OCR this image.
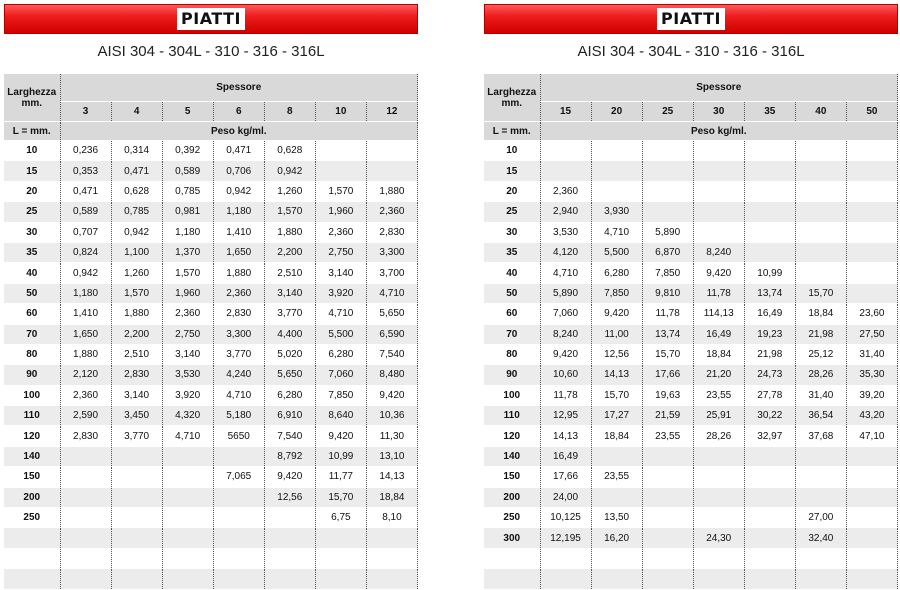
PIATTI
AISI 304 - 304L - 310 - 316 - 316L
Larghezza
mm.	Spessore						
	3	4	5	6	8	10	12
L = mm.	Peso kg/ml.						
10	0,236	0,314	0,392	0,471	0,628		
15	0,353	0,471	0,589	0,706	0,942		
20	0,471	0,628	0,785	0,942	1,260	1,570	1,880
25	0,589	0,785	0,981	1,180	1,570	1,960	2,360
30	0,707	0,942	1,180	1,410	1,880	2,360	2,830
35	0,824	1,100	1,370	1,650	2,200	2,750	3,300
40	0,942	1,260	1,570	1,880	2,510	3,140	3,700
50	1,180	1,570	1,960	2,360	3,140	3,920	4,710
60	1,410	1,880	2,360	2,830	3,770	4,710	5,650
70	1,650	2,200	2,750	3,300	4,400	5,500	6,590
80	1,880	2,510	3,140	3,770	5,020	6,280	7,540
90	2,120	2,830	3,530	4,240	5,650	7,060	8,480
100	2,360	3,140	3,920	4,710	6,280	7,850	9,420
110	2,590	3,450	4,320	5,180	6,910	8,640	10,36
120	2,830	3,770	4,710	5650	7,540	9,420	11,30
140					8,792	10,99	13,10
150				7,065	9,420	11,77	14,13
200					12,56	15,70	18,84
250						6,75	8,10

PIATTI
AISI 304 - 304L - 310 - 316 - 316L
Larghezza
mm.	Spessore						
	15	20	25	30	35	40	50
L = mm.	Peso kg/ml.						
10							
15							
20	2,360						
25	2,940	3,930					
30	3,530	4,710	5,890				
35	4,120	5,500	6,870	8,240			
40	4,710	6,280	7,850	9,420	10,99		
50	5,890	7,850	9,810	11,78	13,74	15,70	
60	7,060	9,420	11,78	114,13	16,49	18,84	23,60
70	8,240	11,00	13,74	16,49	19,23	21,98	27,50
80	9,420	12,56	15,70	18,84	21,98	25,12	31,40
90	10,60	14,13	17,66	21,20	24,73	28,26	35,30
100	11,78	15,70	19,63	23,55	27,78	31,40	39,20
110	12,95	17,27	21,59	25,91	30,22	36,54	43,20
120	14,13	18,84	23,55	28,26	32,97	37,68	47,10
140	16,49						
150	17,66	23,55					
200	24,00						
250	10,125	13,50				27,00	
300	12,195	16,20		24,30		32,40	
